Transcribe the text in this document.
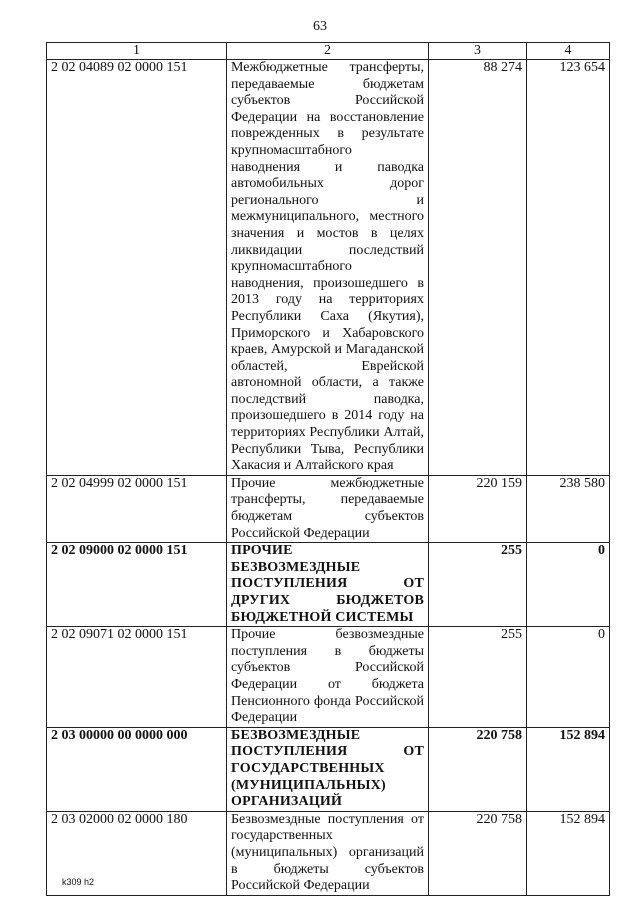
63
1	2	3	4
2 02 04089 02 0000 151	Межбюджетные трансферты, передаваемые бюджетам субъектов Российской Федерации на восстановление поврежденных в результате крупномасштабного наводнения и паводка автомобильных дорог регионального и межмуниципального, местного значения и мостов в целях ликвидации последствий крупномасштабного наводнения, произошедшего в 2013 году на территориях Республики Саха (Якутия), Приморского и Хабаровского краев, Амурской и Магаданской областей, Еврейской автономной области, а также последствий паводка, произошедшего в 2014 году на территориях Республики Алтай, Республики Тыва, Республики Хакасия и Алтайского края	88 274	123 654
2 02 04999 02 0000 151	Прочие межбюджетные трансферты, передаваемые бюджетам субъектов Российской Федерации	220 159	238 580
2 02 09000 02 0000 151	ПРОЧИЕ БЕЗВОЗМЕЗДНЫЕ ПОСТУПЛЕНИЯ ОТ ДРУГИХ БЮДЖЕТОВ БЮДЖЕТНОЙ СИСТЕМЫ	255	0
2 02 09071 02 0000 151	Прочие безвозмездные поступления в бюджеты субъектов Российской Федерации от бюджета Пенсионного фонда Российской Федерации	255	0
2 03 00000 00 0000 000	БЕЗВОЗМЕЗДНЫЕ ПОСТУПЛЕНИЯ ОТ ГОСУДАРСТВЕННЫХ (МУНИЦИПАЛЬНЫХ) ОРГАНИЗАЦИЙ	220 758	152 894
2 03 02000 02 0000 180	Безвозмездные поступления от государственных (муниципальных) организаций в бюджеты субъектов Российской Федерации	220 758	152 894
k309 h2
